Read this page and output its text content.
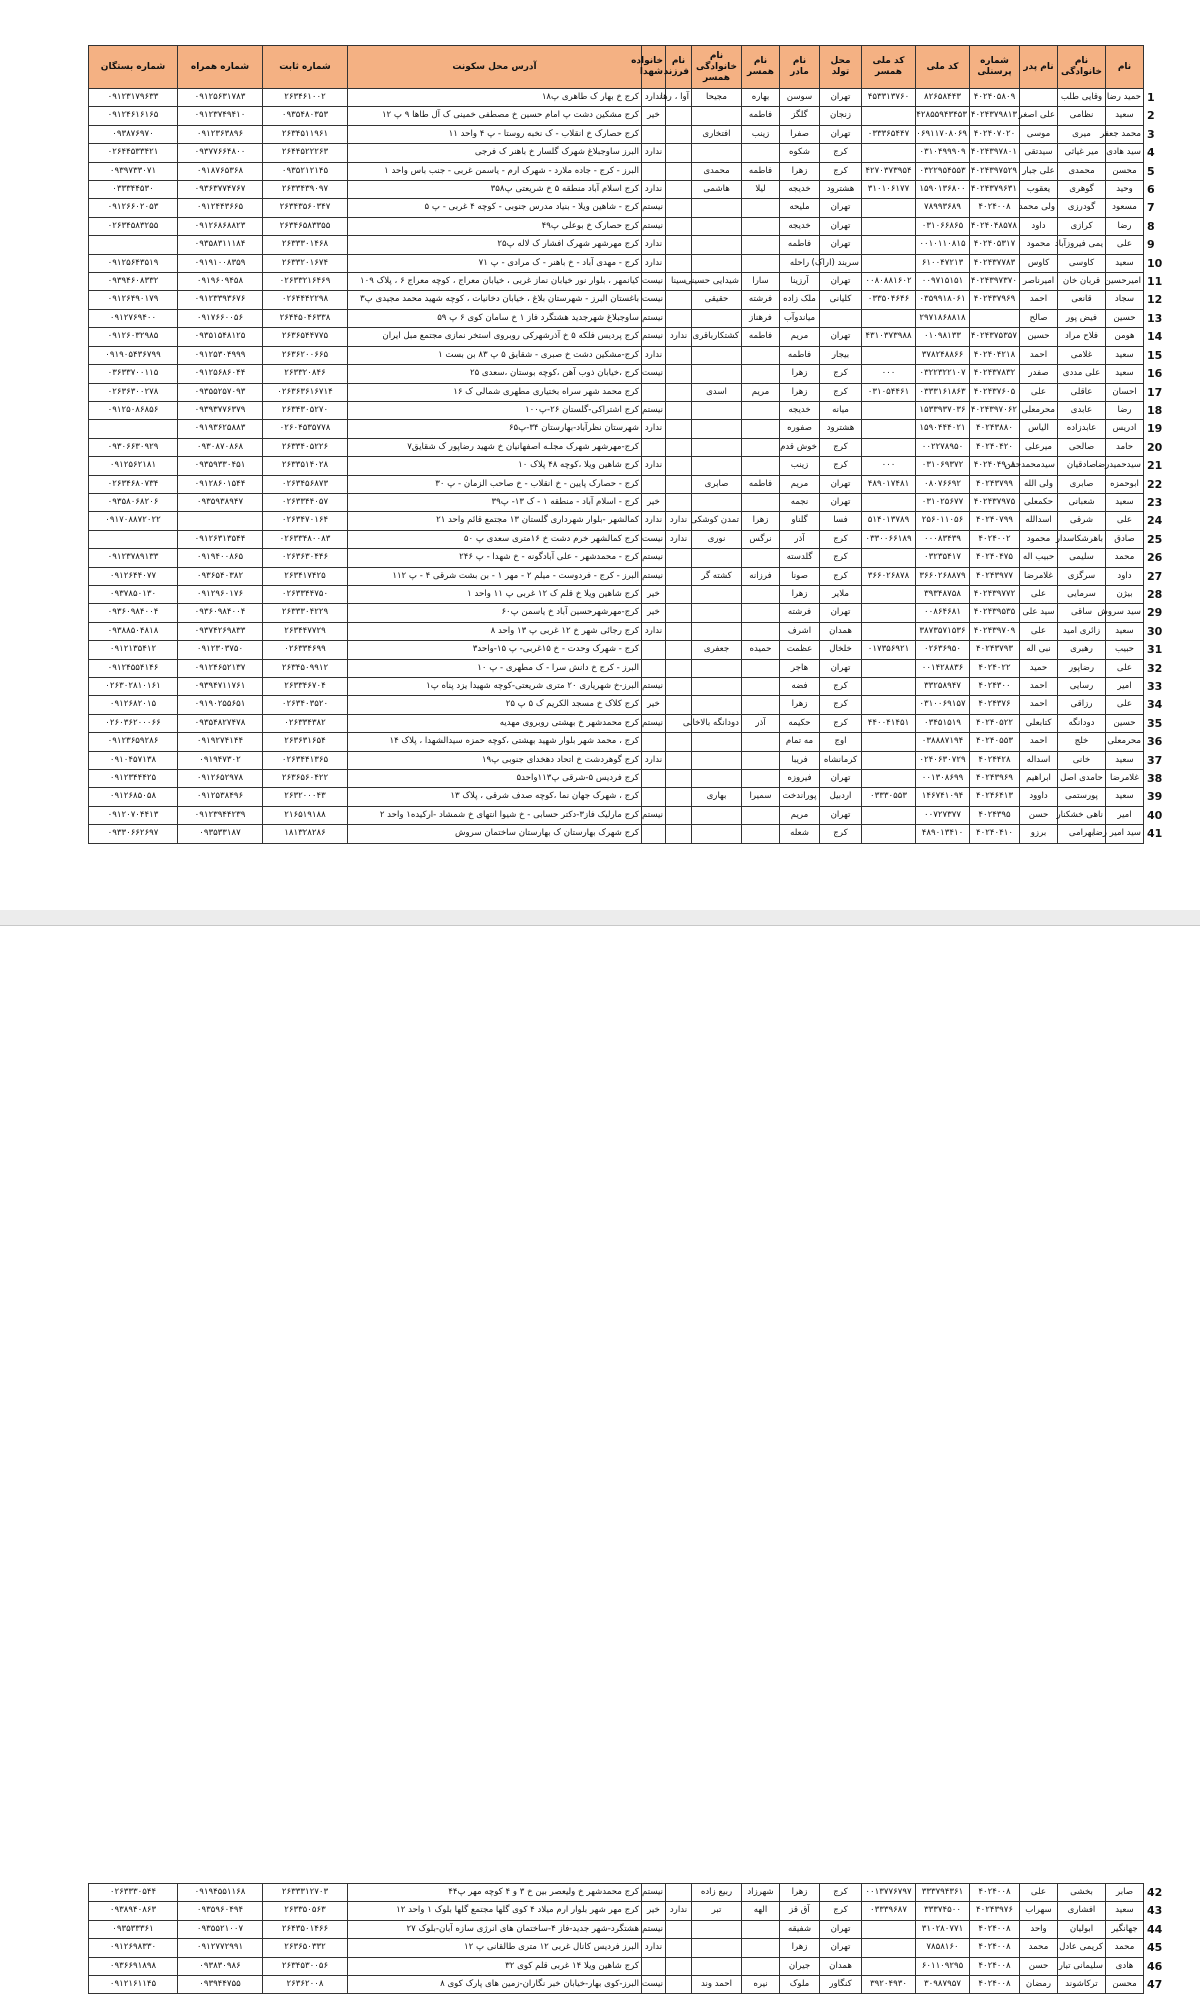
	نام	نام خانوادگی	نام پدر	شماره پرسنلی	کد ملی	کد ملی همسر	محل تولد	نام مادر	نام همسر	نام خانوادگی همسر	نام فرزند	خانواده شهدا	آدرس محل سکونت	شماره ثابت	شماره همراه	شماره بستگان
1	حمید رضا	وقایی طلب		۴۰۲۴۰۵۸۰۹	۸۲۶۵۸۴۴۳	۴۵۳۳۱۳۷۶۰	تهران	سوسن	بهاره	مجیحا	آوا ، رها	ندارد	کرج خ بهار ک طاهری پ۱۸	۲۶۳۴۶۱۰۰۲	۰۹۱۲۵۶۳۱۷۸۳	۰۹۱۲۳۱۷۹۶۳۳
2	سعید	نظامی	علی اصغر	۴۰۲۴۳۷۹۸۱۳	۴۲۸۵۵۹۴۳۴۵۳		زنجان	گلگز	فاطمه			خیر	کرج مشکین دشت پ امام حسین خ مصطفی خمینی ک آل طاها ۹ پ ۱۲	۰۹۳۵۴۸۰۳۵۳	۰۹۱۲۳۷۴۹۴۱۰	۰۹۱۲۴۶۱۶۱۶۵
3	محمد جعفر	میری	موسی	۴۰۲۴۰۷۰۲۰	۰۶۹۱۱۷۰۸۰۶۹	۰۳۳۳۶۵۴۴۷	تهران	صفرا	زینب	افتخاری			کرج حصارک خ انقلاب - ک نخبه روستا - پ ۴ واحد ۱۱	۲۶۳۴۵۱۱۹۶۱	۰۹۱۲۳۶۳۸۹۶	۰۹۳۸۷۶۹۷۰
4	سید هادی	میر غیاثی	سیدتقی	۴۰۲۴۳۹۷۸۰۱	۰۳۱۰۴۹۹۹۰۹		کرج	شکوه				ندارد	البرز ساوجبلاغ شهرک گلسار خ باهنر ک فرجی	۲۶۴۴۵۲۲۲۶۳	۰۹۳۷۷۶۶۴۸۰۰	۰۲۶۴۴۵۳۳۴۲۱
5	محسن	محمدی	علی جبار	۴۰۲۴۳۹۷۵۲۹	۰۳۲۲۹۵۴۵۵۳	۴۲۷۰۳۷۳۹۵۴	کرج	زهرا	فاطمه	محمدی			البرز - کرج - جاده ملارد - شهرک ارم - یاسمن غربی - جنب باس واحد ۱	۰۹۳۵۲۱۲۱۴۵	۰۹۱۸۷۶۵۳۶۸	۰۹۳۹۷۳۳۰۷۱
6	وحید	گوهری	یعقوب	۴۰۲۴۳۷۹۶۳۱	۱۵۹۰۱۳۶۸۰۰	۳۱۰۱۰۶۱۷۷	هشترود	خدیجه	لیلا	هاشمی		ندارد	کرج اسلام آباد منطقه ۵ خ شریعتی پ۳۵۸	۲۶۳۳۴۳۹۰۹۷	۰۹۳۶۳۷۷۴۷۶۷	۰۳۳۳۴۴۵۳۰
7	مسعود	گودرزی	ولی محمد	۴۰۲۴۰۰۸	۷۸۹۹۳۶۸۹		تهران	ملیحه				نیستم	کرج - شاهین ویلا - بنیاد مدرس جنوبی - کوچه ۴ غربی - پ ۵	۲۶۳۴۳۵۶۰۳۴۷	۰۹۱۲۴۴۳۶۶۵	۰۹۱۲۶۶۰۲۰۵۳
8	رضا	کرازی	داود	۴۰۲۴۰۴۸۵۷۸	۰۳۱۰۶۶۸۶۵		تهران	خدیجه				نیستم	کرج حصارک خ بوعلی پ۴۹	۲۶۳۴۶۵۸۳۳۵۵	۰۹۱۲۶۸۶۸۸۲۳	۰۲۶۳۴۵۸۳۲۵۵
9	علی	یمی فیروزآباد	محمود	۴۰۲۴۰۵۳۱۷	۰۰۱۰۱۱۰۸۱۵		تهران	فاطمه				ندارد	کرج مهرشهر شهرک افشار ک لاله پ۲۵	۲۶۳۳۳۰۱۴۶۸	۰۹۳۵۸۳۱۱۱۸۴	
10	سعید	کاوسی	کاوس	۴۰۲۴۳۷۷۸۳	۶۱۰۰۴۷۲۱۳		سربند (اراک)	راحله				ندارد	کرج - مهدی آباد - خ باهنر - ک مرادی - پ ۷۱	۲۶۳۳۲۰۱۶۷۴	۰۹۱۹۱۰۰۸۳۵۹	۰۹۱۲۵۶۴۳۵۱۹
11	امیرحسین	قربان خان	امیرناصر	۴۰۲۴۳۹۷۳۷۰	۰۰۹۷۱۵۱۵۱	۰۰۸۰۸۸۱۶۰۲	تهران	آرزینا	سارا	شیدایی حسینی	سینا	نیست	کیانمهر ، بلوار نور خیابان نماز غربی ، خیابان معراج ، کوچه معراج ۶ ، پلاک ۱۰۹	۰۲۶۳۳۲۱۶۴۶۹	۰۹۱۹۶۰۹۴۵۸	۰۹۳۹۴۶۰۸۳۳۲
12	سجاد	قانعی	احمد	۴۰۲۴۳۷۹۶۹	۰۳۵۹۹۱۸۰۶۱	۰۳۳۵۰۴۶۴۶	کلیانی	ملک زاده	فرشته	حقیقی		نیست	باغستان البرز - شهرستان بلاغ ، خیابان دخانیات ، کوچه شهید محمد مجیدی پ۳	۰۲۶۴۴۴۲۲۹۸	۰۹۱۲۳۳۹۳۶۷۶	۰۹۱۲۶۴۹۰۱۷۹
13	حسین	فیض پور	صالح		۲۹۷۱۸۶۸۸۱۸			میاندوآب	فرهناز			نیستم	ساوجبلاغ شهرجدید هشتگرد فاز ۱ خ سامان کوی ۶ پ ۵۹	۲۶۴۴۵۰۴۶۳۳۸	۰۹۱۷۶۶۰۰۵۶	۰۹۱۲۷۶۹۴۰۰
14	هومن	فلاح مراد	حسین	۴۰۲۴۳۷۵۳۵۷	۰۱۰۹۸۱۳۳	۴۳۱۰۳۷۳۹۸۸	تهران	مریم	فاطمه	کشتکارباقری	ندارد	نیستم	کرج پردیس فلکه ۵ خ آذرشهرکی روبروی استخر نمازی مجتمع مبل ایران	۲۶۳۶۵۴۴۷۷۵	۰۹۳۵۱۵۴۸۱۲۵	۰۹۱۲۶۰۳۲۹۸۵
15	سعید	غلامی	احمد	۴۰۲۴۰۴۲۱۸	۳۷۸۲۴۸۸۶۶		بیجار	فاطمه				ندارد	کرج-مشکین دشت خ صبری - شقایق ۵ پ ۸۳ بن بست ۱	۲۶۳۶۲۰۰۶۶۵	۰۹۱۲۵۳۰۴۹۹۹	۰۹۱۹۰۵۴۳۶۷۹۹
16	سعید	علی مددی	صفدر	۴۰۲۴۳۷۸۳۲	۰۳۲۲۳۲۲۱۰۷	۰۰۰	کرج	زهرا				نیست	کرج ،خیابان ذوب آهن ،کوچه بوستان ،سعدی ۲۵	۲۶۳۳۲۰۸۴۶	۰۹۱۲۵۶۸۶۰۴۴	۰۳۶۳۳۷۰۰۱۱۵
17	احسان	عاقلی	علی	۴۰۲۴۳۷۶۰۵	۰۳۳۳۱۶۱۸۶۳	۰۳۱۰۵۴۴۶۱	کرج	زهرا	مریم	اسدی			کرج محمد شهر سراه بختیاری مطهری شمالی ک ۱۶	۰۲۶۳۶۳۶۱۶۷۱۴	۰۹۳۵۵۲۵۷۰۹۳	۰۲۶۳۶۳۰۰۲۷۸
18	رضا	عابدی	محرمعلی	۴۰۲۴۳۹۷۰۶۲	۱۵۳۳۹۳۷۰۳۶		میانه	خدیجه				نیستم	کرج اشتراکی-گلستان ۲۶-پ۱۰۰	۲۶۳۴۳۰۵۲۷۰	۰۹۳۹۳۷۷۶۳۷۹	۰۹۱۲۵۰۸۶۸۵۶
19	ادریس	عابدزاده	الیاس	۴۰۲۴۳۸۸۰	۱۵۹۰۴۴۴۰۲۱		هشترود	صفوره				ندارد	شهرستان نظرآباد-بهارستان ۳۴-پ۶۵	۰۲۶۰۴۵۳۵۷۷۸	۰۹۱۹۳۶۲۵۸۸۳	
20	حامد	صالحی	میرعلی	۴۰۲۴۰۴۲۰	۰۰۲۲۷۸۹۵۰		کرج	خوش قدم					کرج-مهرشهر شهرک مجلـه اصفهانیان خ شهید رضاپور ک شقایق۷	۲۶۳۳۴۰۵۲۲۶	۰۹۳۰۸۷۰۸۶۸	۰۹۳۰۶۶۳۰۹۲۹
21	سیدحمیدرضا	صادقیان	سیدمحمدحس	۴۰۲۴۰۴۹۰۸	۰۳۱۰۶۹۳۷۲	۰۰۰	کرج	زینب				ندارد	کرج شاهین ویلا ،کوچه ۴۸ پلاک ۱۰	۲۶۳۳۵۱۴۰۲۸	۰۹۳۵۹۳۳۰۴۵۱	۰۹۱۲۵۶۲۱۸۱
22	ابوحمزه	صابری	ولی الله	۴۰۲۴۳۷۹۹	۰۸۰۷۶۶۹۲	۴۸۹۰۱۷۴۸۱	تهران	مریم	فاطمه	صابری			کرج - حصارک پایین - خ انقلاب - خ صاحب الزمان - پ ۳۰	۰۲۶۳۴۵۶۸۷۳	۰۹۱۲۸۶۰۱۵۴۴	۰۲۶۳۴۶۸۰۷۳۴
23	سعید	شعبانی	حکمعلی	۴۰۲۴۳۷۹۷۵	۰۳۱۰۲۵۶۷۷		تهران	نجمه				خیر	کرج - اسلام آباد - منطقه ۱ - ک ۱۳- پ۳۹	۰۲۶۳۳۴۴۰۵۷	۰۹۳۵۹۳۸۹۴۷	۰۹۳۵۸۰۶۸۲۰۶
24	علی	شرقی	اسدالله	۴۰۲۴۰۷۹۹	۲۵۶۰۱۱۰۵۶	۵۱۴۰۱۳۷۸۹	فسا	گلناو	زهرا	تمدن کوشکی	ندارد	ندارد	کمالشهر -بلوار شهرداری گلستان ۱۳ مجتمع قائم واحد ۲۱	۰۲۶۳۴۷۰۱۶۴		۰۹۱۷۰۸۸۷۲۰۲۲
25	صادق	باهرشکاسدار	محمود	۴۰۲۴۰۰۲	۰۰۰۸۳۴۳۹	۰۳۳۰۰۶۶۱۸۹	کرج	آذر	نرگس	نوری	ندارد	نیست	کرج کمالشهر خرم دشت خ ۱۶متری سعدی پ ۵۰	۰۲۶۳۳۴۸۰۰۸۳	۰۹۱۲۶۳۱۳۵۴۴	
26	محمد	سلیمی	حبیب اله	۴۰۲۴۰۴۷۵	۰۳۲۳۵۴۱۷		کرج	گلدسته				نیستم	کرج - محمدشهر - علی آبادگونه - خ شهدا - پ ۲۴۶	۰۲۶۳۶۳۰۴۴۶	۰۹۱۹۴۰۰۸۶۵	۰۹۱۲۳۷۸۹۱۳۳
27	داود	سرگزی	غلامرضا	۴۰۲۴۳۹۷۷	۳۶۶۰۲۶۸۸۷۹	۳۶۶۰۲۶۸۷۸	کرج	صونا	فرزانه	کشته گر		نیستم	البرز - کرج - فردوست - میلم ۲ - مهر ۱ - بن بشت شرقی ۴ - پ ۱۱۲	۲۶۳۴۱۷۴۲۵	۰۹۳۶۵۴۰۳۸۲	۰۹۱۲۶۴۴۰۷۷
28	بیژن	سرمایی	علی	۴۰۲۴۳۹۷۷۲	۳۹۳۴۸۷۵۸		ملایر	زهرا				خیر	کرج شاهین ویلا خ قلم ک ۱۲ غربی پ ۱۱ واحد ۱	۰۲۶۳۳۴۴۷۵۰	۰۹۱۲۹۶۰۱۷۶	۰۹۳۷۸۵۰۱۳۰
29	سید سروش	ساقی	سید علی	۴۰۲۴۳۹۵۳۵	۰۰۸۶۴۶۸۱		تهران	فرشته				خیر	کرج-مهرشهرحسین آباد خ یاسمن پ۶۰	۲۶۳۳۳۰۴۲۲۹	۰۹۳۶۰۹۸۴۰۰۴	۰۹۳۶۰۹۸۴۰۰۴
30	سعید	زائری امید	علی	۴۰۲۴۳۹۷۰۹	۳۸۷۳۵۷۱۵۳۶		همدان	اشرف				ندارد	کرج رجائی شهر خ ۱۲ غربی پ ۱۳ واحد ۸	۲۶۳۴۴۷۷۲۹	۰۹۳۷۴۲۶۹۸۳۳	۰۹۳۸۸۵۰۴۸۱۸
31	حبیب	رهبری	نبی اله	۴۰۲۴۳۷۹۳	۰۲۶۳۶۹۵۰	۰۱۷۳۵۶۹۲۱	خلخال	عظمت	حمیده	جعفری			کرج - شهرک وحدت - خ ۱۵غربی- پ ۱۵-واحد۳	۰۲۶۳۳۴۶۹۹	۰۹۱۲۳۰۳۷۵۰	۰۹۱۲۱۳۵۴۱۲
32	علی	رضاپور	حمید	۴۰۲۴۰۲۲	۰۰۱۴۲۸۸۳۶		تهران	هاجر					البرز - کرج خ دانش سرا - ک مطهری - پ ۱۰	۲۶۳۴۵۰۹۹۱۲	۰۹۱۲۴۶۵۲۱۳۷	۰۹۱۲۴۵۵۴۱۴۶
33	امیر	رسایی	احمد	۴۰۲۴۳۰۰	۳۳۲۵۸۹۴۷		کرج	فضه				نیستم	البرز-خ شهریاری ۲۰ متری شریعتی-کوچه شهیدا یزد پناه پ۱	۲۶۳۳۴۶۷۰۴	۰۹۳۹۴۷۱۱۷۶۱	۰۲۶۳۰۲۸۱۰۱۶۱
34	علی	رزاقی	احمد	۴۰۲۴۳۷۶	۰۳۱۰۰۶۹۱۵۷		کرج	زهرا				خیر	کرج کلاک خ مسجد الکریم ک ۵ پ ۲۵	۰۲۶۳۴۰۳۵۲۰	۰۹۱۹۰۲۵۵۶۵۱	۰۹۱۲۶۸۲۰۱۵
35	حسین	دودانگه	کتابعلی	۴۰۲۴۰۵۲۲	۰۳۴۵۱۵۱۹	۴۴۰۰۴۱۴۵۱	کرج	حکیمه	آذر	دودانگه بالاخانی		نیستم	کرج محمدشهر خ بهشتی روبروی مهدیه	۰۲۶۳۳۴۳۸۲	۰۹۳۵۴۸۲۷۴۷۸	۰۲۶۰۳۶۲۰۰۰۶۶
36	محرمعلی	خلج	احمد	۴۰۲۴۰۵۵۳	۰۳۸۸۸۷۱۹۴		اوج	مه تمام					کرج ، محمد شهر بلوار شهید بهشتی ،کوچه حمزه سیدالشهدا ، پلاک ۱۴	۲۶۳۶۳۱۶۵۴	۰۹۱۹۲۷۴۱۴۴	۰۹۱۲۳۶۵۹۲۸۶
37	سعید	خانی	اسداله	۴۰۲۴۴۲۸	۰۲۴۰۶۳۰۷۲۹		کرمانشاه	فریبا				ندارد	کرج گوهردشت خ اتحاد دهخدای جنوبی پ۱۹	۰۲۶۳۴۴۱۳۶۵	۰۹۱۹۴۷۳۰۲	۰۹۱۰۴۵۷۱۳۸
38	غلامرضا	حامدی اصل	ابراهیم	۴۰۲۴۳۹۶۹	۰۰۱۳۰۸۶۹۹		تهران	فیروزه					کرج فردیس ۵-شرقی پ۱۱۳واحد۵	۲۶۳۶۵۶۰۴۲۲	۰۹۱۲۶۵۲۹۷۸	۰۹۱۲۳۴۴۴۲۵
39	سعید	پورستمی	داوود	۴۰۲۴۶۴۱۳	۱۴۶۷۴۱۰۹۴	۰۳۳۳۰۵۵۳	اردبیل	پوراندخت	سمیرا	بهاری			کرج ، شهرک جهان نما ،کوچه صدف شرقی ، پلاک ۱۳	۲۶۳۲۰۰۰۴۳	۰۹۱۲۵۳۸۴۹۶	۰۹۱۲۶۸۵۰۵۸
40	امیر	ناهی خشکنار	حسن	۴۰۲۴۳۹۵	۰۰۷۲۷۳۷۷		تهران	مریم				نیستم	کرج مارلیک فاز۳-دکتر حسابی - خ شیوا انتهای خ شمشاد -ارکیده۱ واحد ۲	۲۱۶۵۱۹۱۸۸	۰۹۱۲۳۹۴۴۲۳۹	۰۹۱۲۰۷۰۴۴۱۳
41	سید امیر رضا	بهرامی	برزو	۴۰۲۴۰۴۱۰	۴۸۹۰۱۳۴۱۰		کرج	شعله					کرج شهرک بهارستان ک بهارستان ساختمان سروش	۱۸۱۳۲۸۲۸۶	۰۹۳۵۳۳۱۸۷	۰۹۳۳۰۶۶۲۶۹۷
42	صابر	بخشی	علی	۴۰۲۴۰۰۸	۳۳۳۷۹۴۳۶۱	۰۰۱۳۷۷۶۷۹۷	کرج	زهرا	شهرزاد	ربیع زاده		نیستم	کرج محمدشهر خ ولیعصر بین خ ۳ و ۴ کوچه مهر پ۴۴	۲۶۳۳۳۱۲۷۰۳	۰۹۱۹۴۵۵۱۱۶۸	۰۲۶۳۳۳۰۵۴۴
43	سعید	افشاری	سهراب	۴۰۲۴۳۹۷۶	۳۳۳۷۴۵۰۰	۰۳۳۳۹۶۸۷	کرج	آق قز	الهه	تبر	ندارد	خیر	کرج مهر شهر بلوار ارم میلاد ۴ کوی گلها مجتمع گلها بلوک ۱ واحد ۱۲	۲۶۳۳۵۰۵۶۳	۰۹۳۵۹۶۰۴۹۴	۰۹۳۸۹۴۰۸۶۳
44	جهانگیر	ابولیان	واحد	۴۰۲۴۰۰۸	۳۱۰۲۸۰۷۷۱		تهران	شفیقه				نیستم	هشتگرد-شهر جدید-فاز ۴-ساختمان های انرژی سازه آبان-بلوک ۲۷	۲۶۴۳۵۰۱۴۶۶	۰۹۳۵۵۲۱۰۰۷	۰۹۳۵۳۳۳۶۱
45	محمد	کریمی عادل	محمد	۴۰۲۴۰۰۸	۷۸۵۸۱۶۰		تهران	زهرا				ندارد	البرز فردیس کانال غربی ۱۲ متری طالقانی پ ۱۲	۲۶۳۶۵۰۳۳۲	۰۹۱۲۷۷۲۹۹۱	۰۹۱۲۶۹۸۳۳۰
46	هادی	سلیمانی تبار	حسن	۴۰۲۴۰۰۸	۶۰۱۱۰۹۲۹۵		همدان	جیران					کرج شاهین ویلا ۱۴ غربی قلم کوی ۳۲	۲۶۳۴۵۳۰۰۵۶	۰۹۳۸۳۰۹۸۶	۰۹۳۶۶۹۱۸۹۸
47	محسن	ترکاشوند	رمضان	۴۰۲۴۰۰۸	۳۰۹۸۷۹۵۷	۳۹۲۰۴۹۳۰	کنگاور	ملوک	نیره	احمد وند		نیست	البرز-کوی بهار-خیابان خبر نگاران-زمین های پارک کوی ۸	۲۶۳۶۲۰۰۸	۰۹۳۹۴۴۷۵۵	۰۹۱۲۱۶۱۱۴۵
